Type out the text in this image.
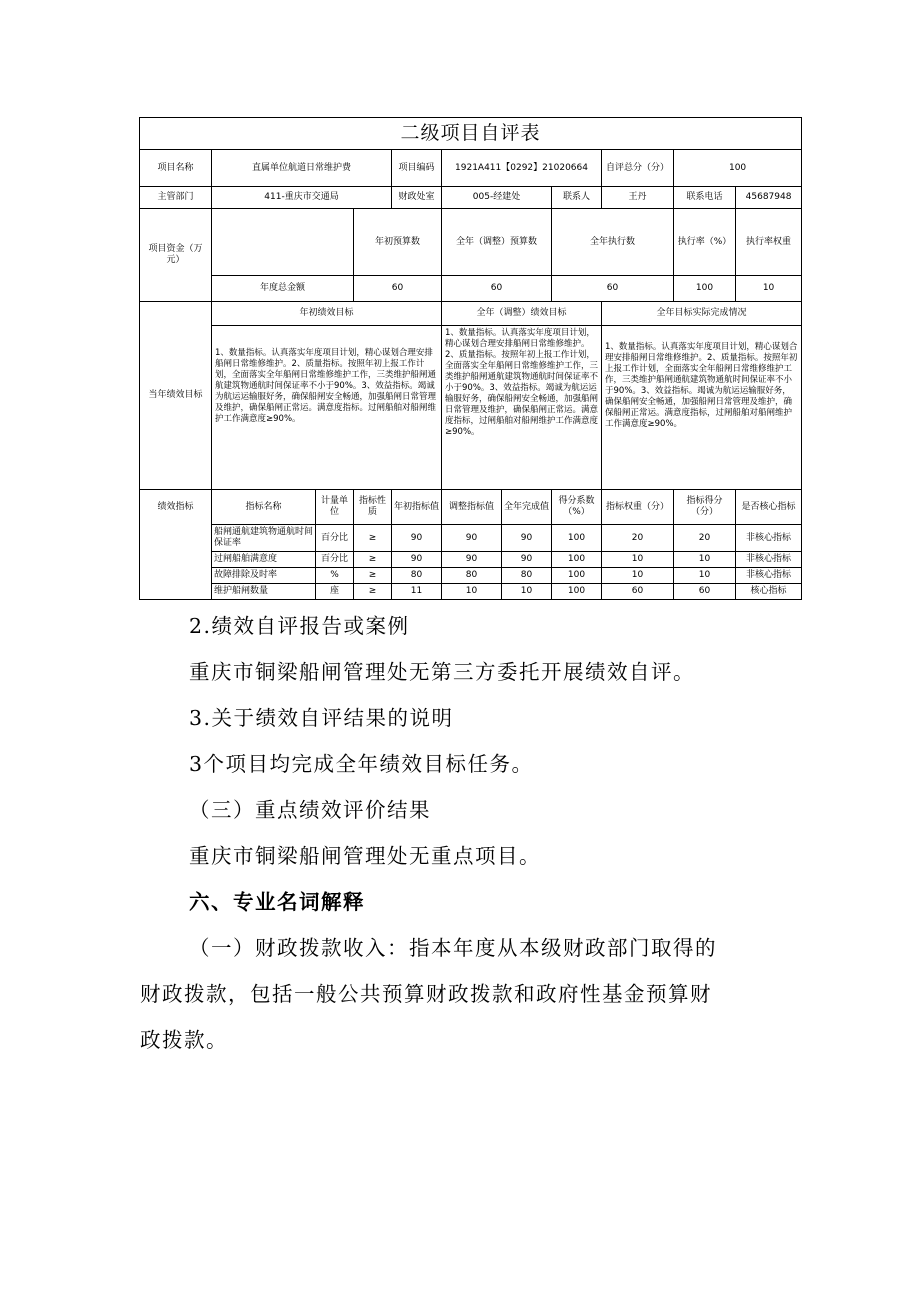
二级项目自评表											
项目名称	直属单位航道日常维护费			项目编码	1921A411【0292】21020664			自评总分（分）	100		
主管部门	411-重庆市交通局			财政处室	005-经建处		联系人	王丹	联系电话	45687948	
项目资金（万元）			年初预算数		全年（调整）预算数		全年执行数		执行率（%）	执行率权重	
	年度总金额		60		60		60		100	10	
当年绩效目标	年初绩效目标				全年（调整）绩效目标			全年目标实际完成情况			
	1、数量指标。认真落实年度项目计划，精心谋划合理安排船闸日常维修维护。2、质量指标。按照年初上报工作计划，全面落实全年船闸日常维修维护工作，三类维护船闸通航建筑物通航时间保证率不小于90%。3、效益指标。竭诚为航运运输服好务，确保船闸安全畅通，加强船闸日常管理及维护，确保船闸正常运。满意度指标。过闸船舶对船闸维护工作满意度≥90%。				1、数量指标。认真落实年度项目计划，精心谋划合理安排船闸日常维修维护。2、质量指标。按照年初上报工作计划，全面落实全年船闸日常维修维护工作，三类维护船闸通航建筑物通航时间保证率不小于90%。3、效益指标。竭诚为航运运输服好务，确保船闸安全畅通，加强船闸日常管理及维护，确保船闸正常运。满意度指标，过闸船舶对船闸维护工作满意度≥90%。			1、数量指标。认真落实年度项目计划，精心谋划合理安排船闸日常维修维护。2、质量指标。按照年初上报工作计划，全面落实全年船闸日常维修维护工作，三类维护船闸通航建筑物通航时间保证率不小于90%。3、效益指标。竭诚为航运运输服好务，确保船闸安全畅通，加强船闸日常管理及维护，确保船闸正常运。满意度指标，过闸船舶对船闸维护工作满意度≥90%。			
绩效指标	指标名称	计量单位	指标性质	年初指标值	调整指标值	全年完成值	得分系数（%）	指标权重（分）	指标得分（分）	是否核心指标	
	船闸通航建筑物通航时间保证率	百分比	≥	90	90	90	100	20	20	非核心指标	
	过闸船舶满意度	百分比	≥	90	90	90	100	10	10	非核心指标	
	故障排除及时率	%	≥	80	80	80	100	10	10	非核心指标	
	维护船闸数量	座	≥	11	10	10	100	60	60	核心指标	
2.绩效自评报告或案例
重庆市铜梁船闸管理处无第三方委托开展绩效自评。
3.关于绩效自评结果的说明
3个项目均完成全年绩效目标任务。
（三）重点绩效评价结果
重庆市铜梁船闸管理处无重点项目。
六、专业名词解释
（一）财政拨款收入：指本年度从本级财政部门取得的
财政拨款，包括一般公共预算财政拨款和政府性基金预算财
政拨款。
